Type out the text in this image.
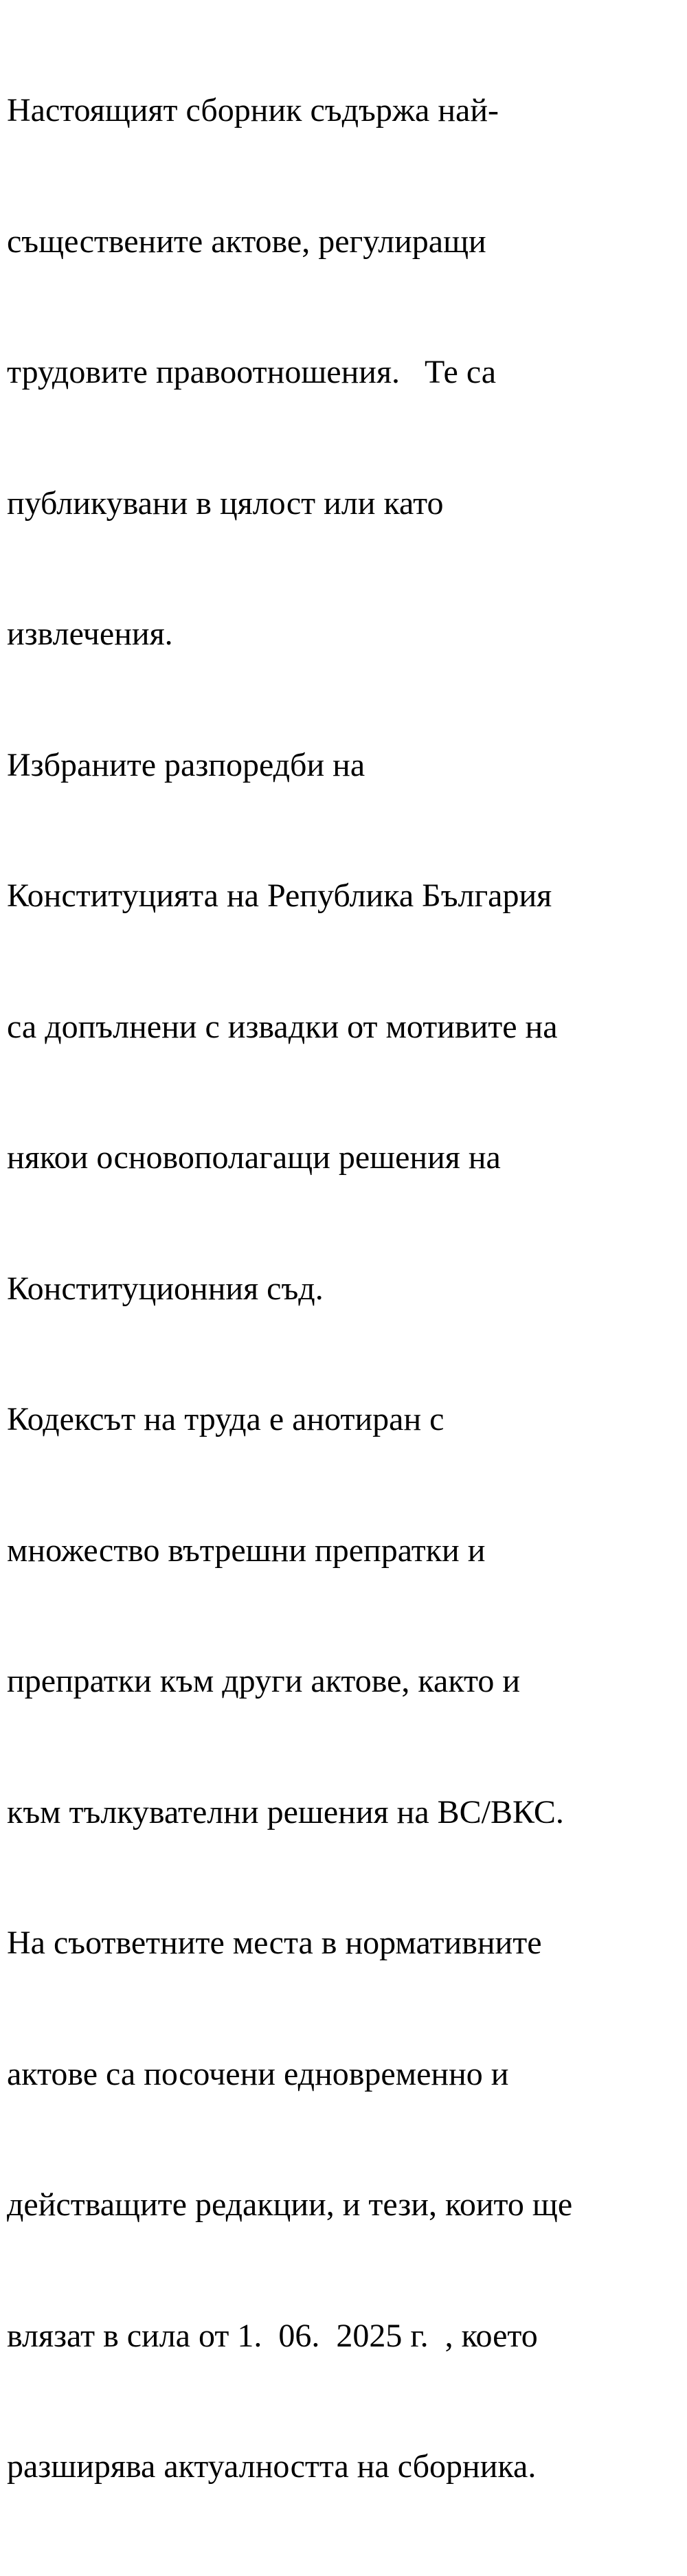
Настоящият сборник съдържа най-

съществените актове, регулиращи

трудовите правоотношения.   Те са

публикувани в цялост или като

извлечения.

Избраните разпоредби на

Конституцията на Република България

са допълнени с извадки от мотивите на

някои основополагащи решения на

Конституционния съд.

Кодексът на труда е анотиран с

множество вътрешни препратки и

препратки към други актове, както и

към тълкувателни решения на ВС/ВКС.

На съответните места в нормативните

актове са посочени едновременно и

действащите редакции, и тези, които ще

влязат в сила от 1.  06.  2025 г.  , което

разширява актуалността на сборника.
